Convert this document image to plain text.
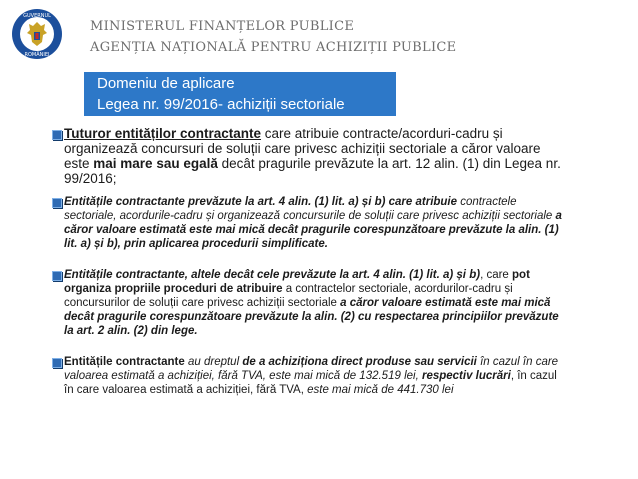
GUVERNUL
ROMÂNIEI
MINISTERUL FINANȚELOR PUBLICE
AGENȚIA NAȚIONALĂ PENTRU ACHIZIȚII PUBLICE
Domeniu de aplicare
Legea nr. 99/2016- achiziții sectoriale
Tuturor entităților contractante care atribuie contracte/acorduri-cadru și organizează concursuri de soluții care privesc achiziții sectoriale a căror valoare este mai mare sau egală decât pragurile prevăzute la art. 12 alin. (1) din Legea nr. 99/2016;
Entitățile contractante prevăzute la art. 4 alin. (1) lit. a) și b) care atribuie contractele sectoriale, acordurile-cadru și organizează concursurile de soluții care privesc achiziții sectoriale a căror valoare estimată este mai mică decât pragurile corespunzătoare prevăzute la alin. (1) lit. a) și b), prin aplicarea procedurii simplificate.
Entitățile contractante, altele decât cele prevăzute la art. 4 alin. (1) lit. a) și b), care pot organiza propriile proceduri de atribuire a contractelor sectoriale, acordurilor-cadru și concursurilor de soluții care privesc achiziții sectoriale a căror valoare estimată este mai mică decât pragurile corespunzătoare prevăzute la alin. (2) cu respectarea principiilor prevăzute la art. 2 alin. (2) din lege.
Entitățile contractante au dreptul de a achiziționa direct produse sau servicii în cazul în care valoarea estimată a achiziției, fără TVA, este mai mică de 132.519 lei, respectiv lucrări, în cazul în care valoarea estimată a achiziției, fără TVA, este mai mică de 441.730 lei
